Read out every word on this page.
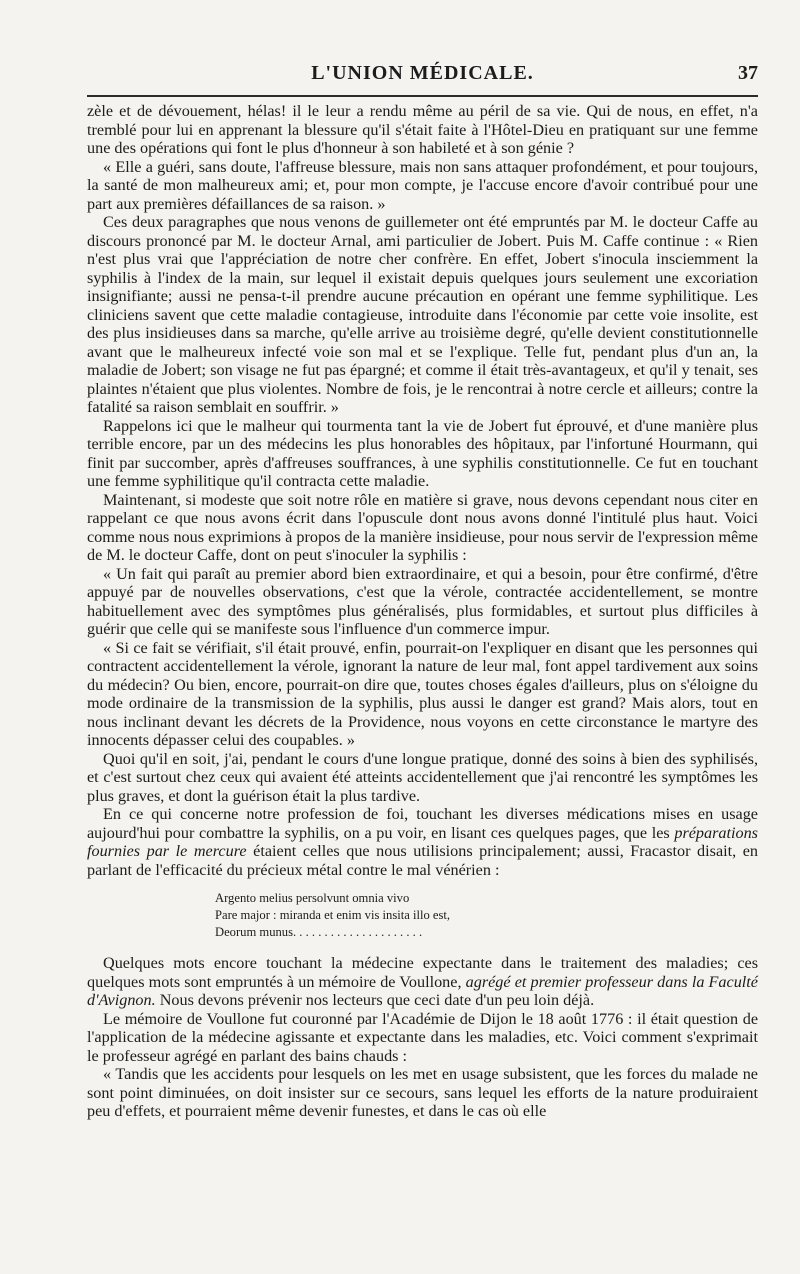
L'UNION MÉDICALE.	37

zèle et de dévouement, hélas! il le leur a rendu même au péril de sa vie. Qui de nous, en effet, n'a tremblé pour lui en apprenant la blessure qu'il s'était faite à l'Hôtel-Dieu en pratiquant sur une femme une des opérations qui font le plus d'honneur à son habileté et à son génie ?

« Elle a guéri, sans doute, l'affreuse blessure, mais non sans attaquer profondément, et pour toujours, la santé de mon malheureux ami; et, pour mon compte, je l'accuse encore d'avoir contribué pour une part aux premières défaillances de sa raison. »

Ces deux paragraphes que nous venons de guillemeter ont été empruntés par M. le docteur Caffe au discours prononcé par M. le docteur Arnal, ami particulier de Jobert. Puis M. Caffe continue : « Rien n'est plus vrai que l'appréciation de notre cher confrère. En effet, Jobert s'inocula insciemment la syphilis à l'index de la main, sur lequel il existait depuis quelques jours seulement une excoriation insignifiante; aussi ne pensa-t-il prendre aucune précaution en opérant une femme syphilitique. Les cliniciens savent que cette maladie contagieuse, introduite dans l'économie par cette voie insolite, est des plus insidieuses dans sa marche, qu'elle arrive au troisième degré, qu'elle devient constitutionnelle avant que le malheureux infecté voie son mal et se l'explique. Telle fut, pendant plus d'un an, la maladie de Jobert; son visage ne fut pas épargné; et comme il était très-avantageux, et qu'il y tenait, ses plaintes n'étaient que plus violentes. Nombre de fois, je le rencontrai à notre cercle et ailleurs; contre la fatalité sa raison semblait en souffrir. »

Rappelons ici que le malheur qui tourmenta tant la vie de Jobert fut éprouvé, et d'une manière plus terrible encore, par un des médecins les plus honorables des hôpitaux, par l'infortuné Hourmann, qui finit par succomber, après d'affreuses souffrances, à une syphilis constitutionnelle. Ce fut en touchant une femme syphilitique qu'il contracta cette maladie.

Maintenant, si modeste que soit notre rôle en matière si grave, nous devons cependant nous citer en rappelant ce que nous avons écrit dans l'opuscule dont nous avons donné l'intitulé plus haut. Voici comme nous nous exprimions à propos de la manière insidieuse, pour nous servir de l'expression même de M. le docteur Caffe, dont on peut s'inoculer la syphilis :

« Un fait qui paraît au premier abord bien extraordinaire, et qui a besoin, pour être confirmé, d'être appuyé par de nouvelles observations, c'est que la vérole, contractée accidentellement, se montre habituellement avec des symptômes plus généralisés, plus formidables, et surtout plus difficiles à guérir que celle qui se manifeste sous l'influence d'un commerce impur.

« Si ce fait se vérifiait, s'il était prouvé, enfin, pourrait-on l'expliquer en disant que les personnes qui contractent accidentellement la vérole, ignorant la nature de leur mal, font appel tardivement aux soins du médecin? Ou bien, encore, pourrait-on dire que, toutes choses égales d'ailleurs, plus on s'éloigne du mode ordinaire de la transmission de la syphilis, plus aussi le danger est grand? Mais alors, tout en nous inclinant devant les décrets de la Providence, nous voyons en cette circonstance le martyre des innocents dépasser celui des coupables. »

Quoi qu'il en soit, j'ai, pendant le cours d'une longue pratique, donné des soins à bien des syphilisés, et c'est surtout chez ceux qui avaient été atteints accidentellement que j'ai rencontré les symptômes les plus graves, et dont la guérison était la plus tardive.

En ce qui concerne notre profession de foi, touchant les diverses médications mises en usage aujourd'hui pour combattre la syphilis, on a pu voir, en lisant ces quelques pages, que les préparations fournies par le mercure étaient celles que nous utilisions principalement; aussi, Fracastor disait, en parlant de l'efficacité du précieux métal contre le mal vénérien :

Argento melius persolvunt omnia vivo
Pare major : miranda et enim vis insita illo est,
Deorum munus. . . . . . . . . . . . . . . . . . . . .

Quelques mots encore touchant la médecine expectante dans le traitement des maladies; ces quelques mots sont empruntés à un mémoire de Voullone, agrégé et premier professeur dans la Faculté d'Avignon. Nous devons prévenir nos lecteurs que ceci date d'un peu loin déjà.

Le mémoire de Voullone fut couronné par l'Académie de Dijon le 18 août 1776 : il était question de l'application de la médecine agissante et expectante dans les maladies, etc. Voici comment s'exprimait le professeur agrégé en parlant des bains chauds :

« Tandis que les accidents pour lesquels on les met en usage subsistent, que les forces du malade ne sont point diminuées, on doit insister sur ce secours, sans lequel les efforts de la nature produiraient peu d'effets, et pourraient même devenir funestes, et dans le cas où elle
